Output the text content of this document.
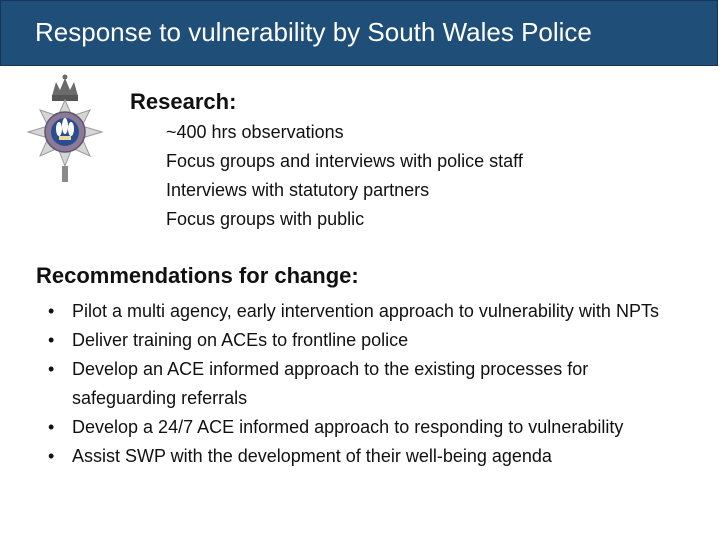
Response to vulnerability by South Wales Police
Research:
~400 hrs observations
Focus groups and interviews with police staff
Interviews with statutory partners
Focus groups with public
Recommendations for change:
• Pilot a multi agency, early intervention approach to vulnerability with NPTs
• Deliver training on ACEs to frontline police
• Develop an ACE informed approach to the existing processes for safeguarding referrals
• Develop a 24/7 ACE informed approach to responding to vulnerability
• Assist SWP with the development of their well-being agenda
